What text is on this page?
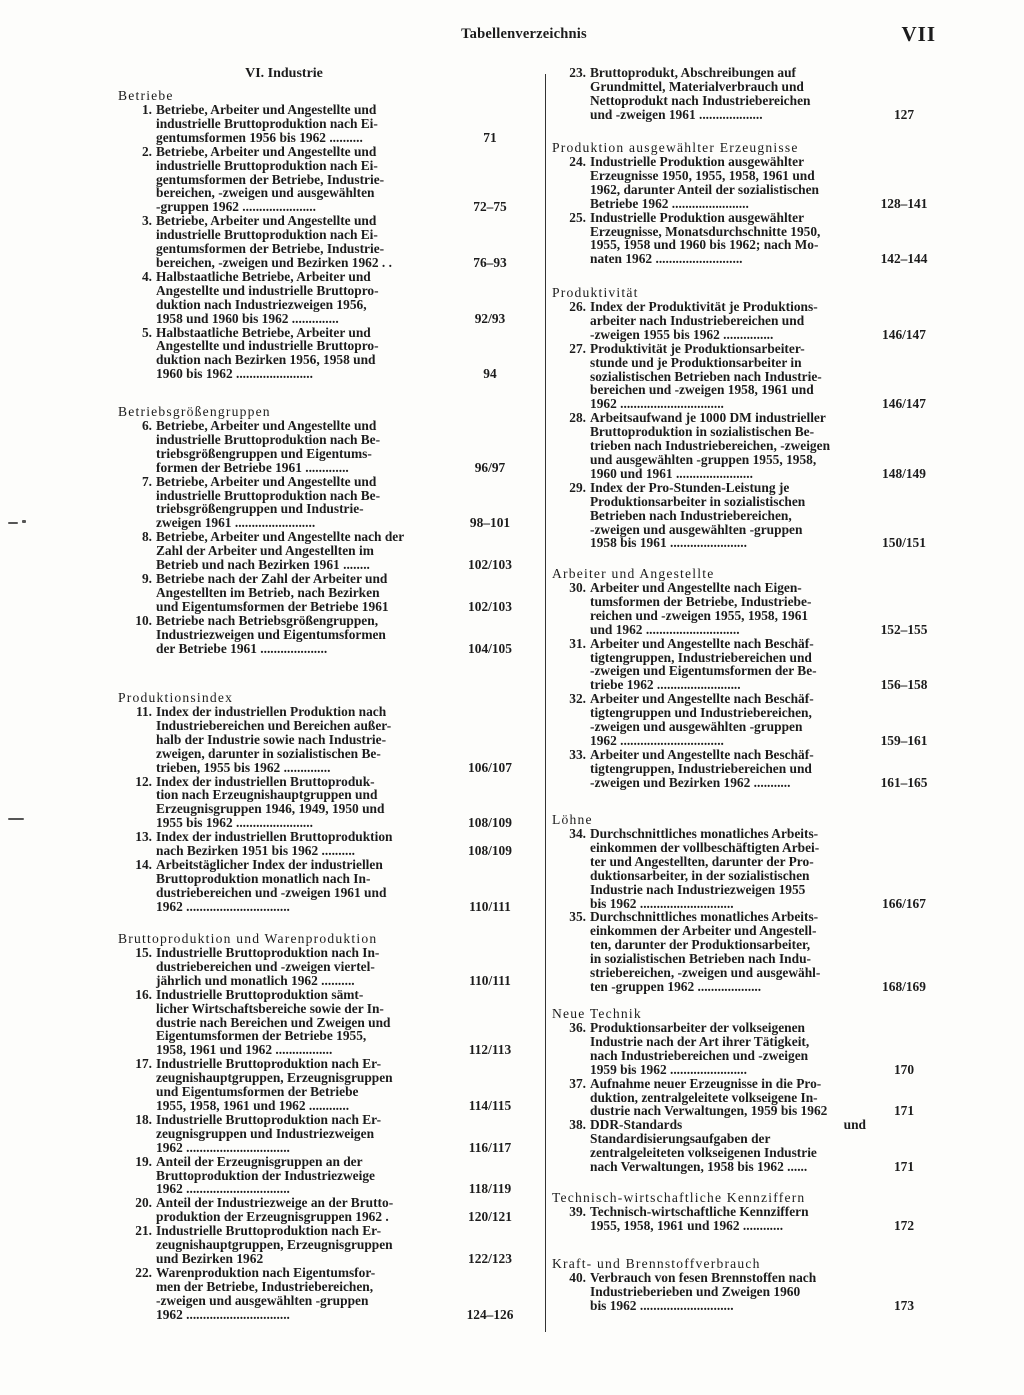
Tabellenverzeichnis	VII
VI. Industrie
Betriebe
1. Betriebe, Arbeiter und Angestellte und
industrielle Bruttoproduktion nach Ei-
gentumsformen 1956 bis 1962 ..........	71
2. Betriebe, Arbeiter und Angestellte und
industrielle Bruttoproduktion nach Ei-
gentumsformen der Betriebe, Industrie-
bereichen, -zweigen und ausgewählten
-gruppen 1962 ......................	72–75
3. Betriebe, Arbeiter und Angestellte und
industrielle Bruttoproduktion nach Ei-
gentumsformen der Betriebe, Industrie-
bereichen, -zweigen und Bezirken 1962 . .	76–93
4. Halbstaatliche Betriebe, Arbeiter und
Angestellte und industrielle Bruttopro-
duktion nach Industriezweigen 1956,
1958 und 1960 bis 1962 ..............	92/93
5. Halbstaatliche Betriebe, Arbeiter und
Angestellte und industrielle Bruttopro-
duktion nach Bezirken 1956, 1958 und
1960 bis 1962 .......................	94
Betriebsgrößengruppen
6. Betriebe, Arbeiter und Angestellte und
industrielle Bruttoproduktion nach Be-
triebsgrößengruppen und Eigentums-
formen der Betriebe 1961 .............	96/97
7. Betriebe, Arbeiter und Angestellte und
industrielle Bruttoproduktion nach Be-
triebsgrößengruppen und Industrie-
zweigen 1961 ........................	98–101
8. Betriebe, Arbeiter und Angestellte nach der
Zahl der Arbeiter und Angestellten im
Betrieb und nach Bezirken 1961 ........	102/103
9. Betriebe nach der Zahl der Arbeiter und
Angestellten im Betrieb, nach Bezirken
und Eigentumsformen der Betriebe 1961	102/103
10. Betriebe nach Betriebsgrößengruppen,
Industriezweigen und Eigentumsformen
der Betriebe 1961 ....................	104/105
Produktionsindex
11. Index der industriellen Produktion nach
Industriebereichen und Bereichen außer-
halb der Industrie sowie nach Industrie-
zweigen, darunter in sozialistischen Be-
trieben, 1955 bis 1962 ..............	106/107
12. Index der industriellen Bruttoproduk-
tion nach Erzeugnishauptgruppen und
Erzeugnisgruppen 1946, 1949, 1950 und
1955 bis 1962 .......................	108/109
13. Index der industriellen Bruttoproduktion
nach Bezirken 1951 bis 1962 ..........	108/109
14. Arbeitstäglicher Index der industriellen
Bruttoproduktion monatlich nach In-
dustriebereichen und -zweigen 1961 und
1962 ...............................	110/111
Bruttoproduktion und Warenproduktion
15. Industrielle Bruttoproduktion nach In-
dustriebereichen und -zweigen viertel-
jährlich und monatlich 1962 ..........	110/111
16. Industrielle Bruttoproduktion sämt-
licher Wirtschaftsbereiche sowie der In-
dustrie nach Bereichen und Zweigen und
Eigentumsformen der Betriebe 1955,
1958, 1961 und 1962 .................	112/113
17. Industrielle Bruttoproduktion nach Er-
zeugnishauptgruppen, Erzeugnisgruppen
und Eigentumsformen der Betriebe
1955, 1958, 1961 und 1962 ............	114/115
18. Industrielle Bruttoproduktion nach Er-
zeugnisgruppen und Industriezweigen
1962 ...............................	116/117
19. Anteil der Erzeugnisgruppen an der
Bruttoproduktion der Industriezweige
1962 ...............................	118/119
20. Anteil der Industriezweige an der Brutto-
produktion der Erzeugnisgruppen 1962 .	120/121
21. Industrielle Bruttoproduktion nach Er-
zeugnishauptgruppen, Erzeugnisgruppen
und Bezirken 1962	122/123
22. Warenproduktion nach Eigentumsfor-
men der Betriebe, Industriebereichen,
-zweigen und ausgewählten -gruppen
1962 ...............................	124–126
23. Bruttoprodukt, Abschreibungen auf
Grundmittel, Materialverbrauch und
Nettoprodukt nach Industriebereichen
und -zweigen 1961 ...................	127
Produktion ausgewählter Erzeugnisse
24. Industrielle Produktion ausgewählter
Erzeugnisse 1950, 1955, 1958, 1961 und
1962, darunter Anteil der sozialistischen
Betriebe 1962 .......................	128–141
25. Industrielle Produktion ausgewählter
Erzeugnisse, Monatsdurchschnitte 1950,
1955, 1958 und 1960 bis 1962; nach Mo-
naten 1962 ..........................	142–144
Produktivität
26. Index der Produktivität je Produktions-
arbeiter nach Industriebereichen und
-zweigen 1955 bis 1962 ...............	146/147
27. Produktivität je Produktionsarbeiter-
stunde und je Produktionsarbeiter in
sozialistischen Betrieben nach Industrie-
bereichen und -zweigen 1958, 1961 und
1962 ...............................	146/147
28. Arbeitsaufwand je 1000 DM industrieller
Bruttoproduktion in sozialistischen Be-
trieben nach Industriebereichen, -zweigen
und ausgewählten -gruppen 1955, 1958,
1960 und 1961 .......................	148/149
29. Index der Pro-Stunden-Leistung je
Produktionsarbeiter in sozialistischen
Betrieben nach Industriebereichen,
-zweigen und ausgewählten -gruppen
1958 bis 1961 .......................	150/151
Arbeiter und Angestellte
30. Arbeiter und Angestellte nach Eigen-
tumsformen der Betriebe, Industriebe-
reichen und -zweigen 1955, 1958, 1961
und 1962 ............................	152–155
31. Arbeiter und Angestellte nach Beschäf-
tigtengruppen, Industriebereichen und
-zweigen und Eigentumsformen der Be-
triebe 1962 .........................	156–158
32. Arbeiter und Angestellte nach Beschäf-
tigtengruppen und Industriebereichen,
-zweigen und ausgewählten -gruppen
1962 ...............................	159–161
33. Arbeiter und Angestellte nach Beschäf-
tigtengruppen, Industriebereichen und
-zweigen und Bezirken 1962 ...........	161–165
Löhne
34. Durchschnittliches monatliches Arbeits-
einkommen der vollbeschäftigten Arbei-
ter und Angestellten, darunter der Pro-
duktionsarbeiter, in der sozialistischen
Industrie nach Industriezweigen 1955
bis 1962 ............................	166/167
35. Durchschnittliches monatliches Arbeits-
einkommen der Arbeiter und Angestell-
ten, darunter der Produktionsarbeiter,
in sozialistischen Betrieben nach Indu-
striebereichen, -zweigen und ausgewähl-
ten -gruppen 1962 ...................	168/169
Neue Technik
36. Produktionsarbeiter der volkseigenen
Industrie nach der Art ihrer Tätigkeit,
nach Industriebereichen und -zweigen
1959 bis 1962 .......................	170
37. Aufnahme neuer Erzeugnisse in die Pro-
duktion, zentralgeleitete volkseigene In-
dustrie nach Verwaltungen, 1959 bis 1962	171
38. DDR-Standards und Standardisierungsaufgaben der
zentralgeleiteten volkseigenen Industrie
nach Verwaltungen, 1958 bis 1962 ......	171
Technisch-wirtschaftliche Kennziffern
39. Technisch-wirtschaftliche Kennziffern
1955, 1958, 1961 und 1962 ............	172
Kraft- und Brennstoffverbrauch
40. Verbrauch von fesen Brennstoffen nach
Industrieberieben und Zweigen 1960
bis 1962 ............................	173
